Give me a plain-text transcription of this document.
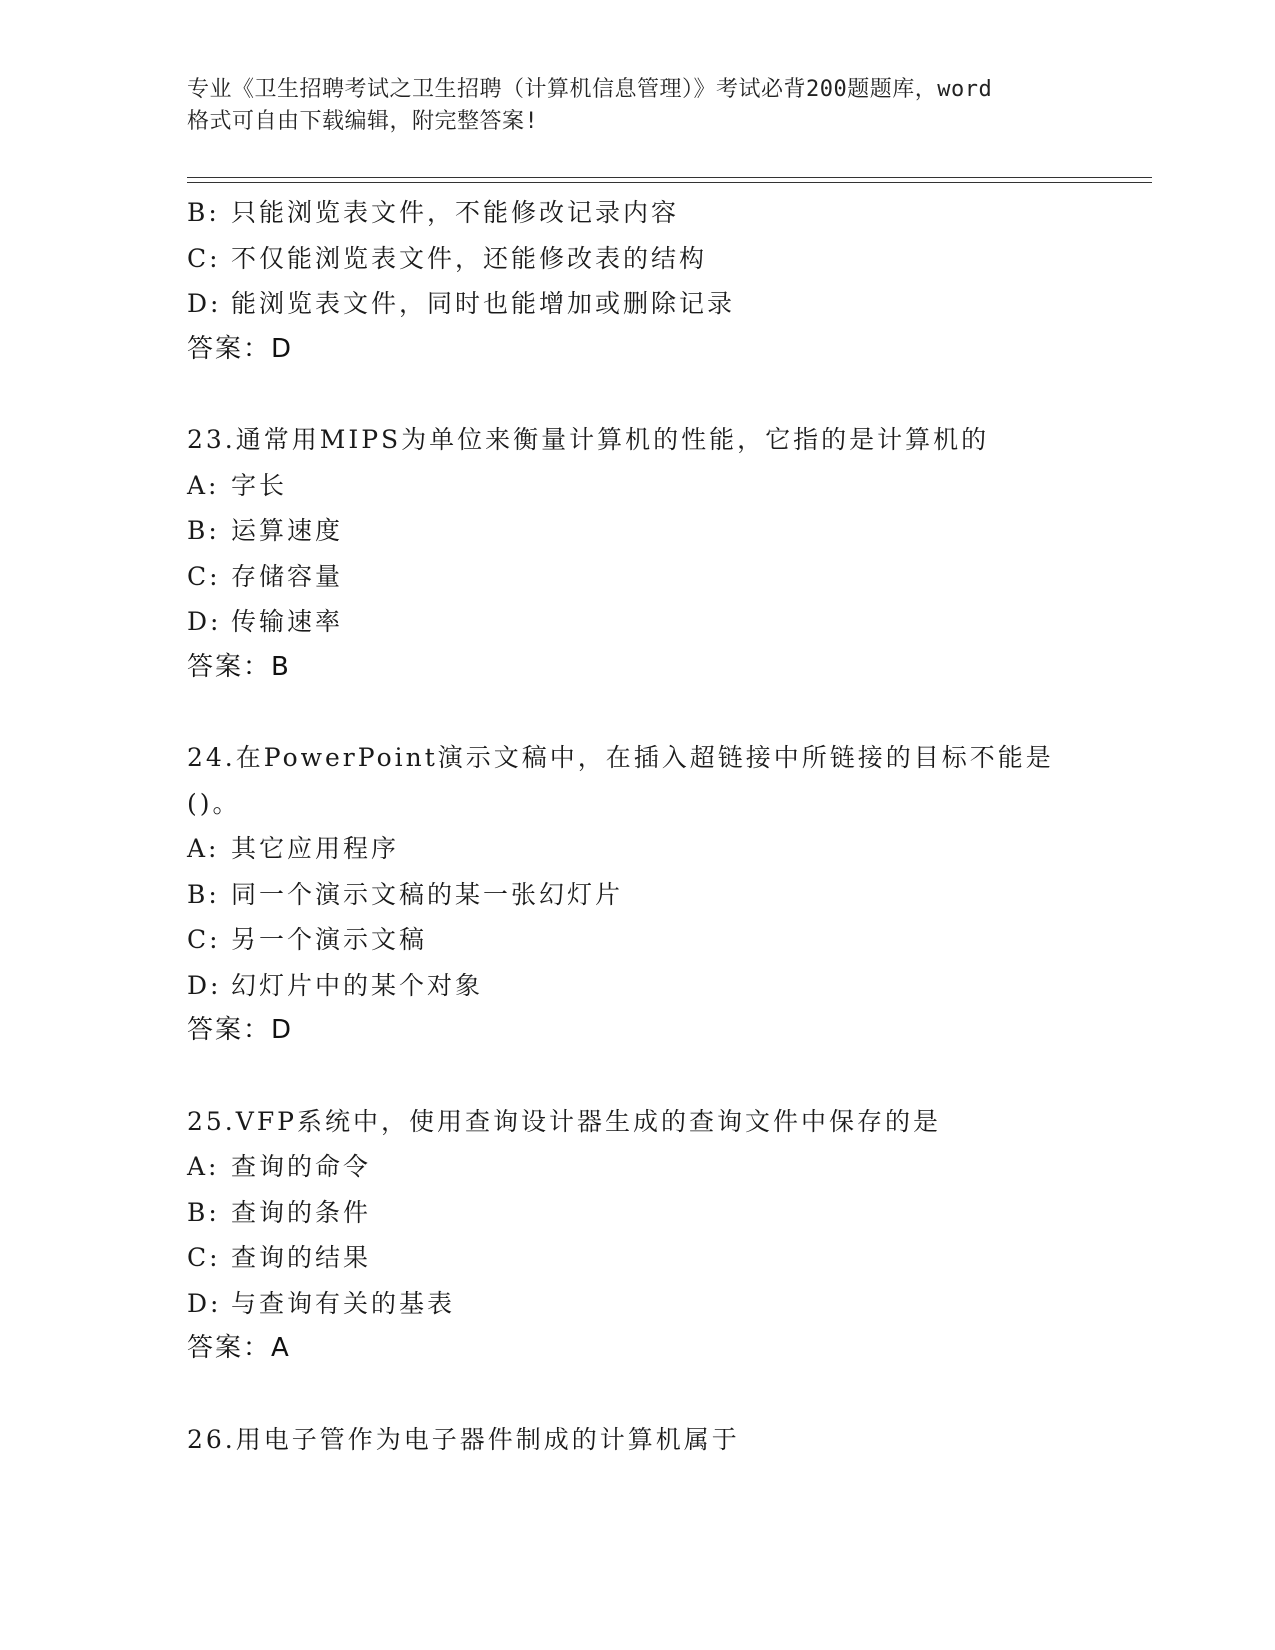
专业《卫生招聘考试之卫生招聘（计算机信息管理）》考试必背200题题库，word
格式可自由下载编辑，附完整答案!
B: 只能浏览表文件，不能修改记录内容
C: 不仅能浏览表文件，还能修改表的结构
D: 能浏览表文件，同时也能增加或删除记录
答案：D
23.通常用MIPS为单位来衡量计算机的性能，它指的是计算机的
A: 字长
B: 运算速度
C: 存储容量
D: 传输速率
答案：B
24.在PowerPoint演示文稿中，在插入超链接中所链接的目标不能是
()。
A: 其它应用程序
B: 同一个演示文稿的某一张幻灯片
C: 另一个演示文稿
D: 幻灯片中的某个对象
答案：D
25.VFP系统中，使用查询设计器生成的查询文件中保存的是
A: 查询的命令
B: 查询的条件
C: 查询的结果
D: 与查询有关的基表
答案：A
26.用电子管作为电子器件制成的计算机属于
